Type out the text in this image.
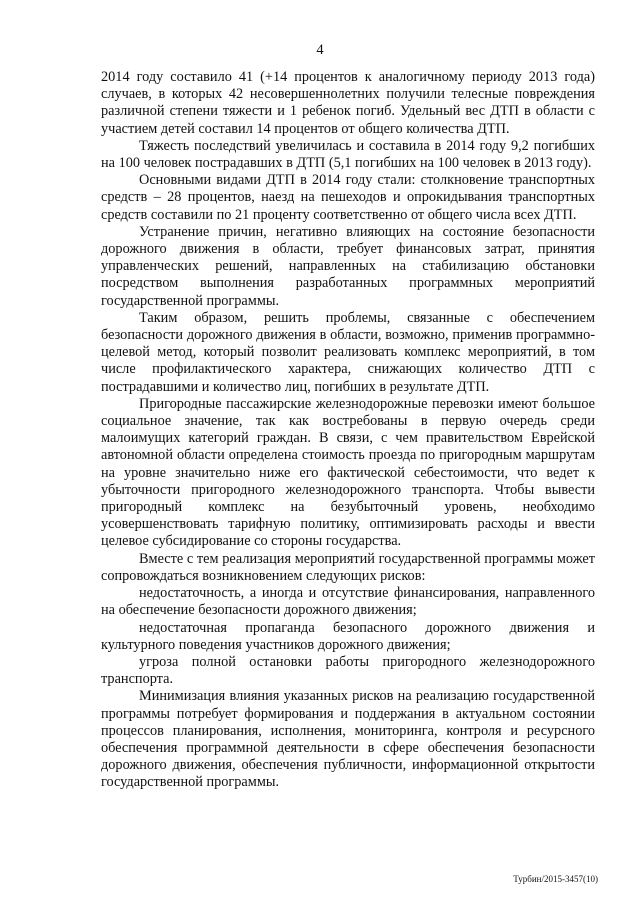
4

2014 году составило 41 (+14 процентов к аналогичному периоду 2013 года) случаев, в которых 42 несовершеннолетних получили телесные повреждения различной степени тяжести и 1 ребенок погиб. Удельный вес ДТП в области с участием детей составил 14 процентов от общего количества ДТП.

Тяжесть последствий увеличилась и составила в 2014 году 9,2 погибших на 100 человек пострадавших в ДТП (5,1 погибших на 100 человек в 2013 году).

Основными видами ДТП в 2014 году стали: столкновение транспортных средств – 28 процентов, наезд на пешеходов и опрокидывания транспортных средств составили по 21 проценту соответственно от общего числа всех ДТП.

Устранение причин, негативно влияющих на состояние безопасности дорожного движения в области, требует финансовых затрат, принятия управленческих решений, направленных на стабилизацию обстановки посредством выполнения разработанных программных мероприятий государственной программы.

Таким образом, решить проблемы, связанные с обеспечением безопасности дорожного движения в области, возможно, применив программно-целевой метод, который позволит реализовать комплекс мероприятий, в том числе профилактического характера, снижающих количество ДТП с пострадавшими и количество лиц, погибших в результате ДТП.

Пригородные пассажирские железнодорожные перевозки имеют большое социальное значение, так как востребованы в первую очередь среди малоимущих категорий граждан. В связи, с чем правительством Еврейской автономной области определена стоимость проезда по пригородным маршрутам на уровне значительно ниже его фактической себестоимости, что ведет к убыточности пригородного железнодорожного транспорта. Чтобы вывести пригородный комплекс на безубыточный уровень, необходимо усовершенствовать тарифную политику, оптимизировать расходы и ввести целевое субсидирование со стороны государства.

Вместе с тем реализация мероприятий государственной программы может сопровождаться возникновением следующих рисков:

недостаточность, а иногда и отсутствие финансирования, направленного на обеспечение безопасности дорожного движения;

недостаточная пропаганда безопасного дорожного движения и культурного поведения участников дорожного движения;

угроза полной остановки работы пригородного железнодорожного транспорта.

Минимизация влияния указанных рисков на реализацию государственной программы потребует формирования и поддержания в актуальном состоянии процессов планирования, исполнения, мониторинга, контроля и ресурсного обеспечения программной деятельности в сфере обеспечения безопасности дорожного движения, обеспечения публичности, информационной открытости государственной программы.

Турбин/2015-3457(10)
